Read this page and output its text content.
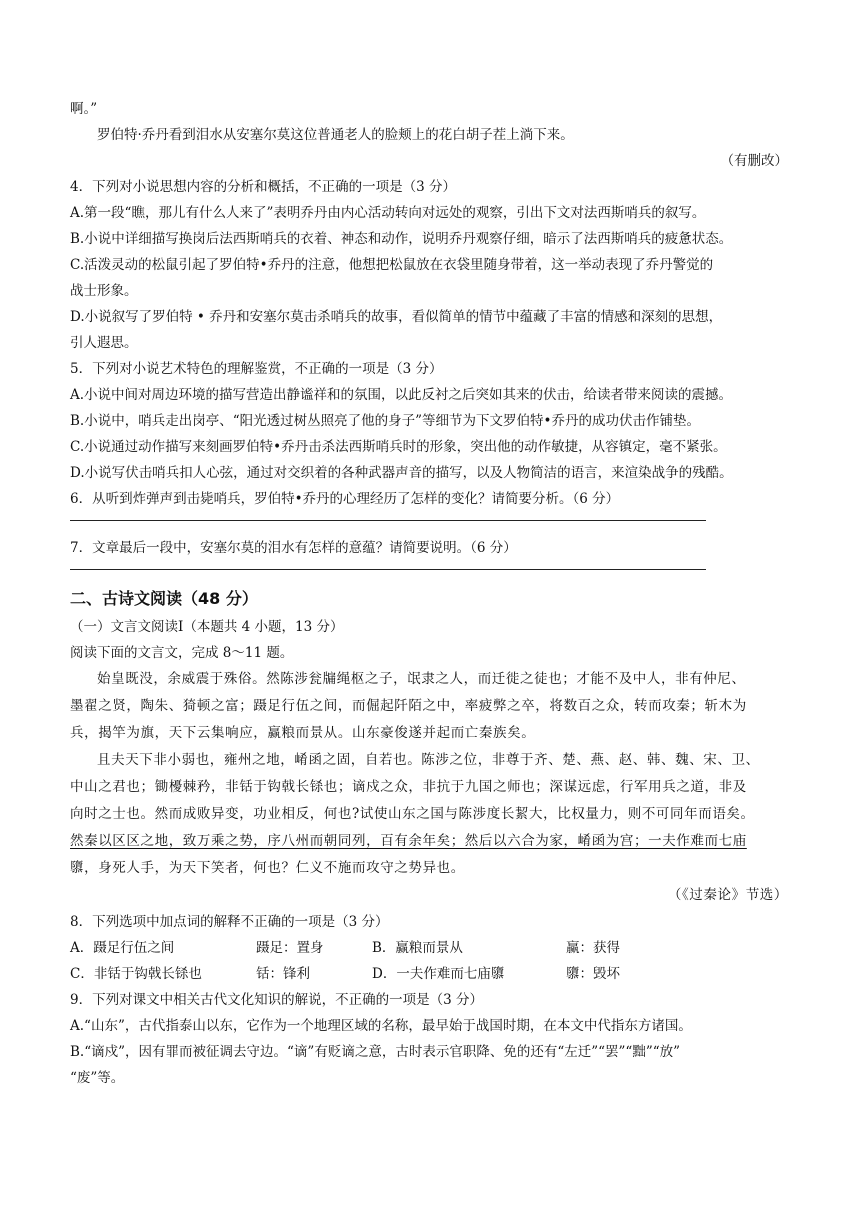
啊。”
罗伯特·乔丹看到泪水从安塞尔莫这位普通老人的脸颊上的花白胡子茬上淌下来。
（有删改）
4．下列对小说思想内容的分析和概括，不正确的一项是（3 分）
A.第一段“瞧，那儿有什么人来了”表明乔丹由内心活动转向对远处的观察，引出下文对法西斯哨兵的叙写。
B.小说中详细描写换岗后法西斯哨兵的衣着、神态和动作，说明乔丹观察仔细，暗示了法西斯哨兵的疲惫状态。
C.活泼灵动的松鼠引起了罗伯特•乔丹的注意，他想把松鼠放在衣袋里随身带着，这一举动表现了乔丹警觉的
战士形象。
D.小说叙写了罗伯特 • 乔丹和安塞尔莫击杀哨兵的故事，看似简单的情节中蕴藏了丰富的情感和深刻的思想，
引人遐思。
5．下列对小说艺术特色的理解鉴赏，不正确的一项是（3 分）
A.小说中间对周边环境的描写营造出静谧祥和的氛围，以此反衬之后突如其来的伏击，给读者带来阅读的震撼。
B.小说中，哨兵走出岗亭、“阳光透过树丛照亮了他的身子”等细节为下文罗伯特•乔丹的成功伏击作铺垫。
C.小说通过动作描写来刻画罗伯特•乔丹击杀法西斯哨兵时的形象，突出他的动作敏捷，从容镇定，毫不紧张。
D.小说写伏击哨兵扣人心弦，通过对交织着的各种武器声音的描写，以及人物简洁的语言，来渲染战争的残酷。
6．从听到炸弹声到击毙哨兵，罗伯特•乔丹的心理经历了怎样的变化？请简要分析。（6 分）
7．文章最后一段中，安塞尔莫的泪水有怎样的意蕴？请简要说明。（6 分）
二、古诗文阅读（48 分）
（一）文言文阅读Ⅰ（本题共 4 小题，13 分）
阅读下面的文言文，完成 8～11 题。
始皇既没，余威震于殊俗。然陈涉瓮牖绳枢之子，氓隶之人，而迁徙之徒也；才能不及中人，非有仲尼、
墨翟之贤，陶朱、猗顿之富；蹑足行伍之间，而倔起阡陌之中，率疲弊之卒，将数百之众，转而攻秦；斩木为
兵，揭竿为旗，天下云集响应，赢粮而景从。山东豪俊遂并起而亡秦族矣。
且夫天下非小弱也，雍州之地，崤函之固，自若也。陈涉之位，非尊于齐、楚、燕、赵、韩、魏、宋、卫、
中山之君也；锄櫌棘矜，非铦于钩戟长铩也；谪戍之众，非抗于九国之师也；深谋远虑，行军用兵之道，非及
向时之士也。然而成败异变，功业相反，何也?试使山东之国与陈涉度长絜大，比权量力，则不可同年而语矣。
然秦以区区之地，致万乘之势，序八州而朝同列，百有余年矣；然后以六合为家，崤函为宫；一夫作难而七庙
隳，身死人手，为天下笑者，何也？仁义不施而攻守之势异也。
（《过秦论》节选）
8．下列选项中加点词的解释不正确的一项是（3 分）
A．蹑足行伍之间	蹑足：置身	B．赢粮而景从	赢：获得
C．非铦于钩戟长铩也	铦：锋利	D．一夫作难而七庙隳	隳：毁坏
9．下列对课文中相关古代文化知识的解说，不正确的一项是（3 分）
A.“山东”，古代指泰山以东，它作为一个地理区域的名称，最早始于战国时期，在本文中代指东方诸国。
B.“谪戍”，因有罪而被征调去守边。“谪”有贬谪之意，古时表示官职降、免的还有“左迁”“罢”“黜”“放”
“废”等。
